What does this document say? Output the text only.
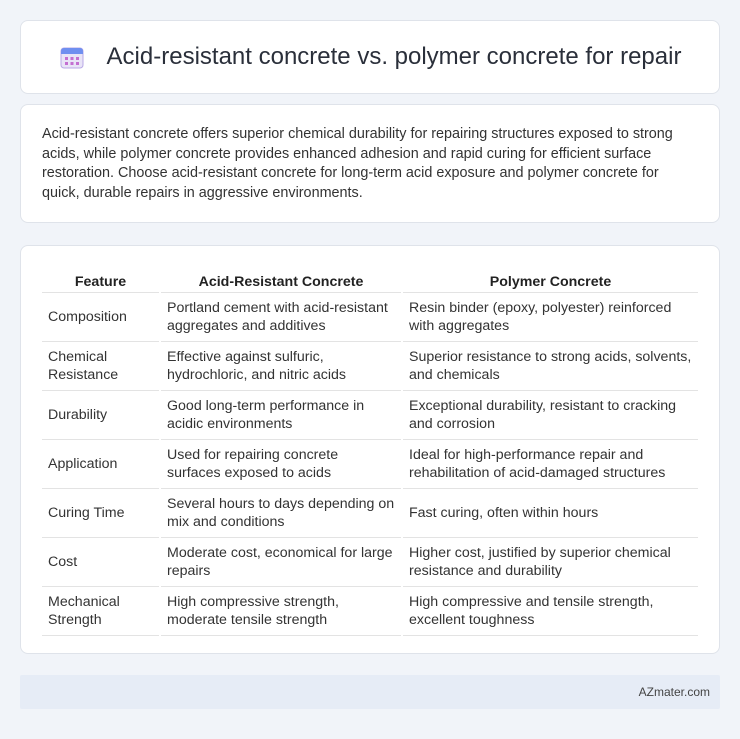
Acid-resistant concrete vs. polymer concrete for repair

Acid-resistant concrete offers superior chemical durability for repairing structures exposed to strong acids, while polymer concrete provides enhanced adhesion and rapid curing for efficient surface restoration. Choose acid-resistant concrete for long-term acid exposure and polymer concrete for quick, durable repairs in aggressive environments.

Feature	Acid-Resistant Concrete	Polymer Concrete
Composition	Portland cement with acid-resistant aggregates and additives	Resin binder (epoxy, polyester) reinforced with aggregates
Chemical Resistance	Effective against sulfuric, hydrochloric, and nitric acids	Superior resistance to strong acids, solvents, and chemicals
Durability	Good long-term performance in acidic environments	Exceptional durability, resistant to cracking and corrosion
Application	Used for repairing concrete surfaces exposed to acids	Ideal for high-performance repair and rehabilitation of acid-damaged structures
Curing Time	Several hours to days depending on mix and conditions	Fast curing, often within hours
Cost	Moderate cost, economical for large repairs	Higher cost, justified by superior chemical resistance and durability
Mechanical Strength	High compressive strength, moderate tensile strength	High compressive and tensile strength, excellent toughness
AZmater.com
